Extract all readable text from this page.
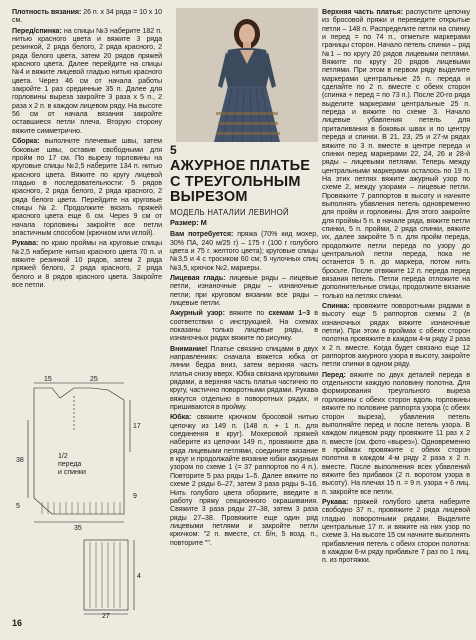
Плотность вязания: 26 п. х 34 ряда = 10 х 10 см.

Перед/спинка: на спицы №3 наберите 182 п. нитью красного цвета и вяжите 3 ряда резинкой, 2 ряда белого, 2 ряда красного, 2 ряда белого цвета, затем 20 рядов пряжей красного цвета. Далее перейдите на спицы №4 и вяжите лицевой гладью нитью красного цвета. Через 46 см от начала работы закройте 1 раз срединные 35 п. Далее для горловины выреза закройте 3 раза х 5 п., 2 раза х 2 п. в каждом лицевом ряду. На высоте 56 см от начала вязания закройте оставшиеся петли плеча. Вторую сторону вяжите симметрично.

Сборка: выполните плечевые швы, затем боковые швы, оставив свободными для пройм по 17 см. По вырезу горловины на круговые спицы №2,5 наберите 134 п. нитью красного цвета. Вяжите по кругу лицевой гладью в последовательности: 5 рядов красного, 2 ряда белого, 2 ряда красного, 2 ряда белого цвета. Перейдите на круговые спицы №2. Продолжите вязать пряжей красного цвета еще 6 см. Через 9 см от начала горловины закройте все петли эластичным способом (крючком или иглой).

Рукава: по краю проймы на круговые спицы №2,5 наберите нитью красного цвета 70 п. и вяжите резинкой 10 рядов, затем 2 ряда пряжей белого, 2 ряда красного, 2 ряда белого и 8 рядов красного цвета. Закройте все петли.

15	25
17
38
9
5
35
1/2
переда
и спинки
27
4
5
АЖУРНОЕ ПЛАТЬЕ
С ТРЕУГОЛЬНЫМ
ВЫРЕЗОМ
МОДЕЛЬ НАТАЛИИ ЛЕВИНОЙ
Размер: М

Вам потребуется: пряжа (70% кид мохер, 30% ПА, 240 м/25 г) – 175 г (100 г голубого цвета и 75 г. желтого цвета); круговые спицы №3,5 и 4 с тросиком 60 см; 5 чулочных спиц №3,5, крючок №2, маркеры.

Лицевая гладь: лицевые ряды – лицевые петли, изнаночные ряды – изнаночные петли; при круговом вязании все ряды – лицевые петли.

Ажурный узор: вяжите по схемам 1–3 в соответствии с инструкцией. На схемах показаны только лицевые ряды, в изнаночных рядах вяжите по рисунку.

Внимание! Платье связано спицами в двух направлениях: сначала вяжется юбка от линии бедра вниз, затем верхняя часть платья снизу вверх. Юбка связана круговыми рядами, а верхняя часть платья частично по кругу, частично поворотными рядами. Рукава вяжутся отдельно в поворотных рядах, и пришиваются в пройму.

Юбка: свяжите крючком бросовой нитью цепочку из 149 п. (148 п. + 1 п. для соединения в круг). Мохеровой пряжей наберите из цепочки 149 п., провяжите два ряда лицевыми петлями, соедините вязание в круг и продолжайте вязание юбки ажурным узором по схеме 1 (= 37 раппортов по 4 п.). Повторите 5 раз ряды 1–5. Далее вяжите по схеме 2 ряды 6–27, затем 3 раза ряды 9–16. Нить голубого цвета оборвите, введите в работу пряжу секционного окрашивания. Свяжите 3 раза ряды 27–38, затем 3 раза ряды 27–38. Провяжите еще один ряд лицевыми петлями и закройте петли крючком: "2 п. вместе, ст. б/н, 5 возд. п., повторите "".

Верхняя часть платья: распустите цепочку из бросовой пряжи и переведите открытые петли – 148 п. Распределите петли на спинку и перед = по 74 п., отметьте маркерами границы сторон. Начало петель спинки – ряд №1 – по кругу 20 рядов лицевыми петлями. Вяжите по кругу 20 рядов лицевыми петлями. При этом в первом ряду выделите маркерами центральные 25 п. переда и сделайте по 2 п. вместе с обеих сторон (спинка + перед = по 73 п.). После 20-го ряда выделите маркерами центральные 25 п. переда и вяжите по схеме 3. Начало лицевые убавления петель для приталивания в боковых швах и по центру переда и спинки. В 21, 23, 25 и 27-м рядах вяжите по 3 п. вместе в центре переда и спинки перед маркерами 22, 24, 26 и 28-й ряды – лицевыми петлями. Теперь между центральными маркерами осталось по 19 п. На этих петлях вяжите ажурный узор по схеме 2, между узорами – лицевые петли. Провяжите 7 раппортов в высоту и начните выполнять убавления петель одновременно для пройм и горловины. Для этого закройте для проймы 5 п. в начале ряда, вяжите петли спинки, 5 п. пройми, 2 ряда спинки, вяжите их, далее закройте 5 п. для пройм переда, продолжите петли переда по узору до центральной петли переда, пока не останется 5 п. до маркера, потом нить бросьте. После отвяжите 12 п. переда перед вязания петель. Петли переда отложите на дополнительные спицы, продолжите вязание только на петлях спинки.

Спинка: провяжите поворотными рядами в высоту еще 5 раппортов схемы 2 (в изнаночных рядах вяжите изнаночные петли). При этом в проймах с обеих сторон полотна провяжите в каждом 4-м ряду 2 раза х 2 п. вместе. Когда будет связано еще 12 раппортов ажурного узора в высоту, закройте петли спинки в одном ряду.

Перед: вяжите по двух деталей переда в отдельности каждую половину полотна. Для формирования треугольного выреза горловины с обеих сторон вдоль горловины вяжите по половине раппорта узора (с обеих сторон выреза), убавления петель выполняйте перед и после петель узора. В каждом лицевом ряду провяжите 11 раз х 2 п. вместе (см. фото «вырез»). Одновременно в проймах провяжите с обеих сторон полотна в каждом 4-м ряду 2 раза х 2 п. вместе. После выполнения всех убавлений вяжите без прибавок (2 п. воротом узора в высоту). На плечах 15 п. = 9 п. узора + 6 лиц. п. закройте все петли.

Рукава: пряжей голубого цвета наберите свободно 37 п., провяжите 2 ряда лицевой гладью поворотными рядами. Выделите центральные 17 п. и вяжите на них узор по схеме 3. На высоте 15 см начните выполнять прибавления петель с обеих сторон полотна: в каждом 6-м ряду прибавьте 7 раз по 1 лиц. п. из протяжки.

16
